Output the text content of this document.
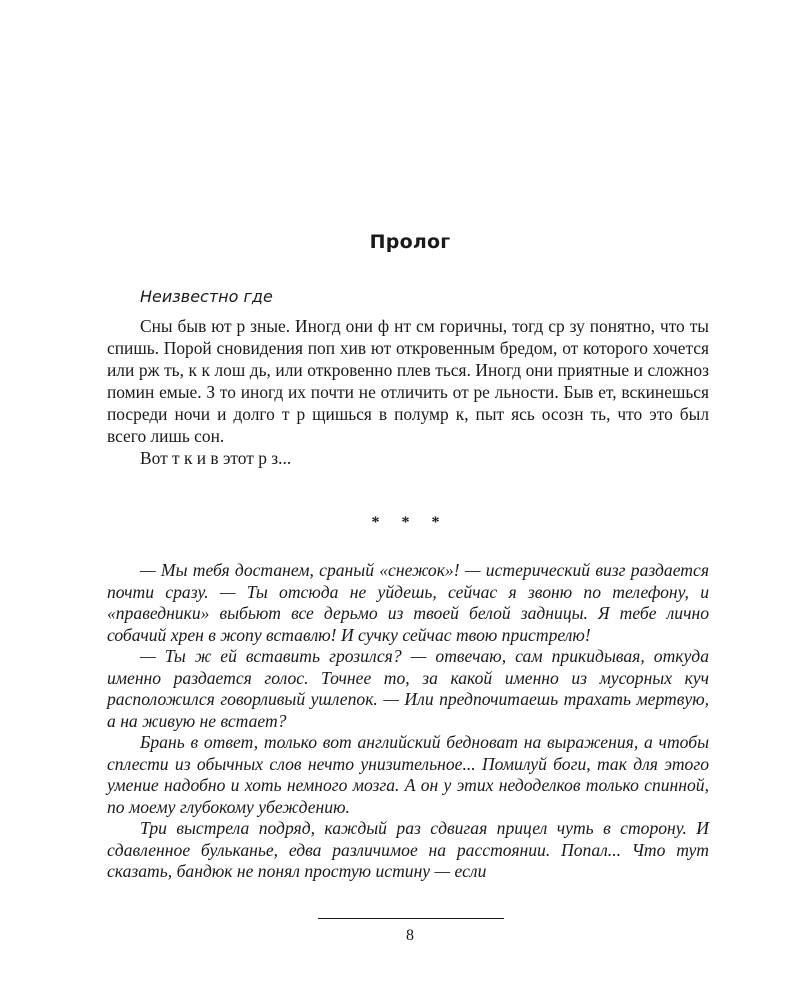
Пролог

Неизвестно где

Сны быв ют р зные. Иногд они ф нт см горичны, тогд ср зу понятно, что ты спишь. Порой сновидения поп хив ют откровенным бредом, от которого хочется или рж ть, к к лош дь, или откровенно плев ться. Иногд они приятные и сложноз помин емые. З то иногд их почти не отличить от ре льности. Быв ет, вскинешься посреди ночи и долго т р щишься в полумр к, пыт ясь осозн ть, что это был всего лишь сон.

Вот т к и в этот р з...

* * *

— Мы тебя достанем, сраный «снежок»! — истерический визг раздается почти сразу. — Ты отсюда не уйдешь, сейчас я звоню по телефону, и «праведники» выбьют все дерьмо из твоей белой задницы. Я тебе лично собачий хрен в жопу вставлю! И сучку сейчас твою пристрелю!

— Ты ж ей вставить грозился? — отвечаю, сам прикидывая, откуда именно раздается голос. Точнее то, за какой именно из мусорных куч расположился говорливый ушлепок. — Или предпочитаешь трахать мертвую, а на живую не встает?

Брань в ответ, только вот английский бедноват на выражения, а чтобы сплести из обычных слов нечто унизительное... Помилуй боги, так для этого умение надобно и хоть немного мозга. А он у этих недоделков только спинной, по моему глубокому убеждению.

Три выстрела подряд, каждый раз сдвигая прицел чуть в сторону. И сдавленное бульканье, едва различимое на расстоянии. Попал... Что тут сказать, бандюк не понял простую истину — если

8
